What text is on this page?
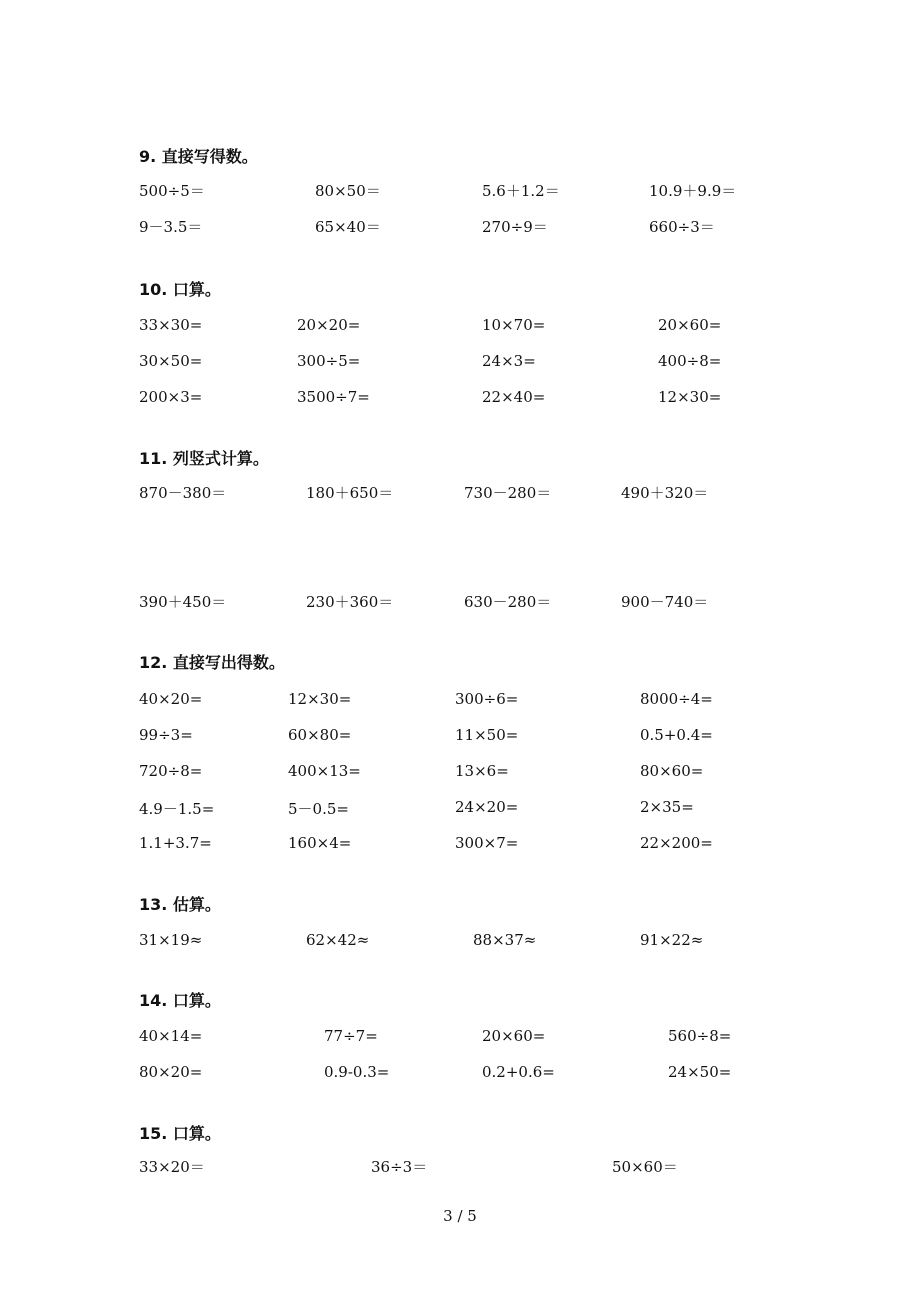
9. 直接写得数。
500÷5＝	80×50＝	5.6＋1.2＝	10.9＋9.9＝
9－3.5＝	65×40＝	270÷9＝	660÷3＝
10. 口算。
33×30=	20×20=	10×70=	20×60=
30×50=	300÷5=	24×3=	400÷8=
200×3=	3500÷7=	22×40=	12×30=
11. 列竖式计算。
870－380＝	180＋650＝	730－280＝	490＋320＝
390＋450＝	230＋360＝	630－280＝	900－740＝
12. 直接写出得数。
40×20=	12×30=	300÷6=	8000÷4=
99÷3=	60×80=	11×50=	0.5+0.4=
720÷8=	400×13=	13×6=	80×60=
4.9－1.5=	5－0.5=	24×20=	2×35=
1.1+3.7=	160×4=	300×7=	22×200=
13. 估算。
31×19≈	62×42≈	88×37≈	91×22≈
14. 口算。
40×14=	77÷7=	20×60=	560÷8=
80×20=	0.9-0.3=	0.2+0.6=	24×50=
15. 口算。
33×20＝	36÷3＝	50×60＝
3 / 5
